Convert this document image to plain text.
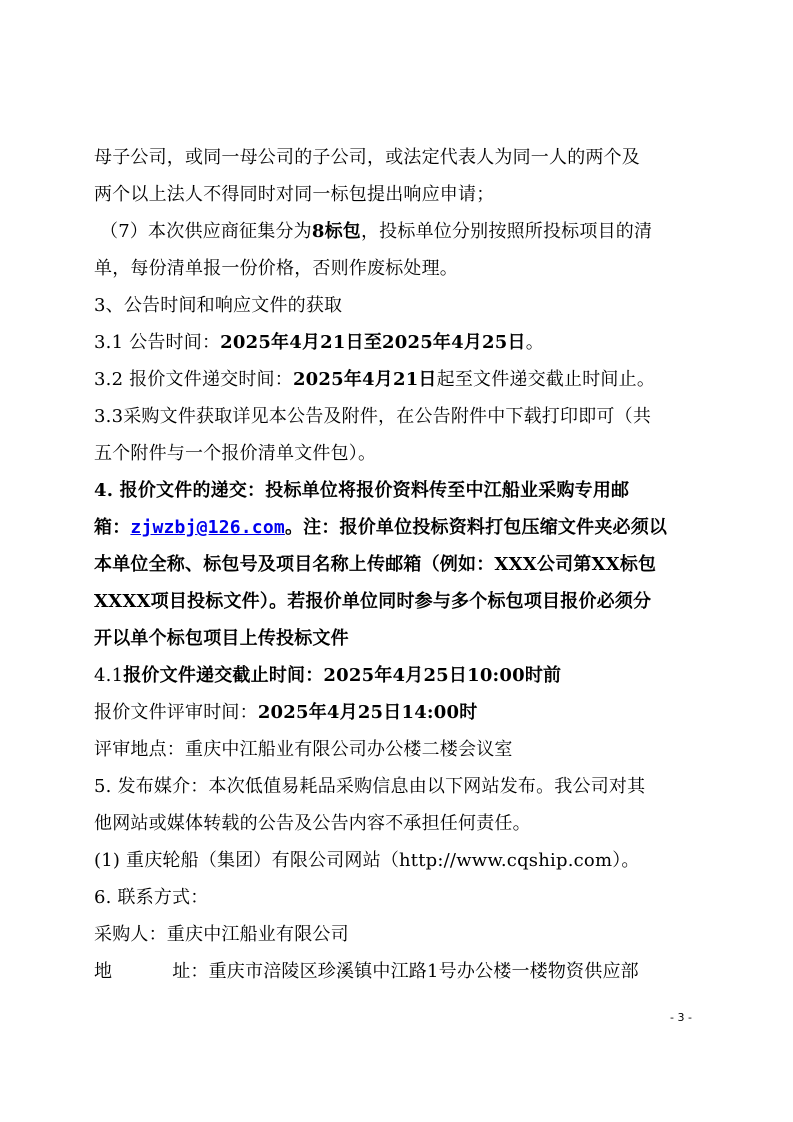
母子公司，或同一母公司的子公司，或法定代表人为同一人的两个及
两个以上法人不得同时对同一标包提出响应申请；
（7）本次供应商征集分为8标包，投标单位分别按照所投标项目的清
单，每份清单报一份价格，否则作废标处理。
3、公告时间和响应文件的获取
3.1 公告时间：2025年4月21日至2025年4月25日。
3.2 报价文件递交时间：2025年4月21日起至文件递交截止时间止。
3.3采购文件获取详见本公告及附件，在公告附件中下载打印即可（共
五个附件与一个报价清单文件包）。
4. 报价文件的递交：投标单位将报价资料传至中江船业采购专用邮
箱：zjwzbj@126.com。注：报价单位投标资料打包压缩文件夹必须以
本单位全称、标包号及项目名称上传邮箱（例如：XXX公司第XX标包
XXXX项目投标文件）。若报价单位同时参与多个标包项目报价必须分
开以单个标包项目上传投标文件
4.1报价文件递交截止时间：2025年4月25日10:00时前
报价文件评审时间：2025年4月25日14:00时
评审地点：重庆中江船业有限公司办公楼二楼会议室
5. 发布媒介：本次低值易耗品采购信息由以下网站发布。我公司对其
他网站或媒体转载的公告及公告内容不承担任何责任。
(1) 重庆轮船（集团）有限公司网站（http://www.cqship.com）。
6. 联系方式：
采购人：重庆中江船业有限公司
地	址：重庆市涪陵区珍溪镇中江路1号办公楼一楼物资供应部
- 3 -
